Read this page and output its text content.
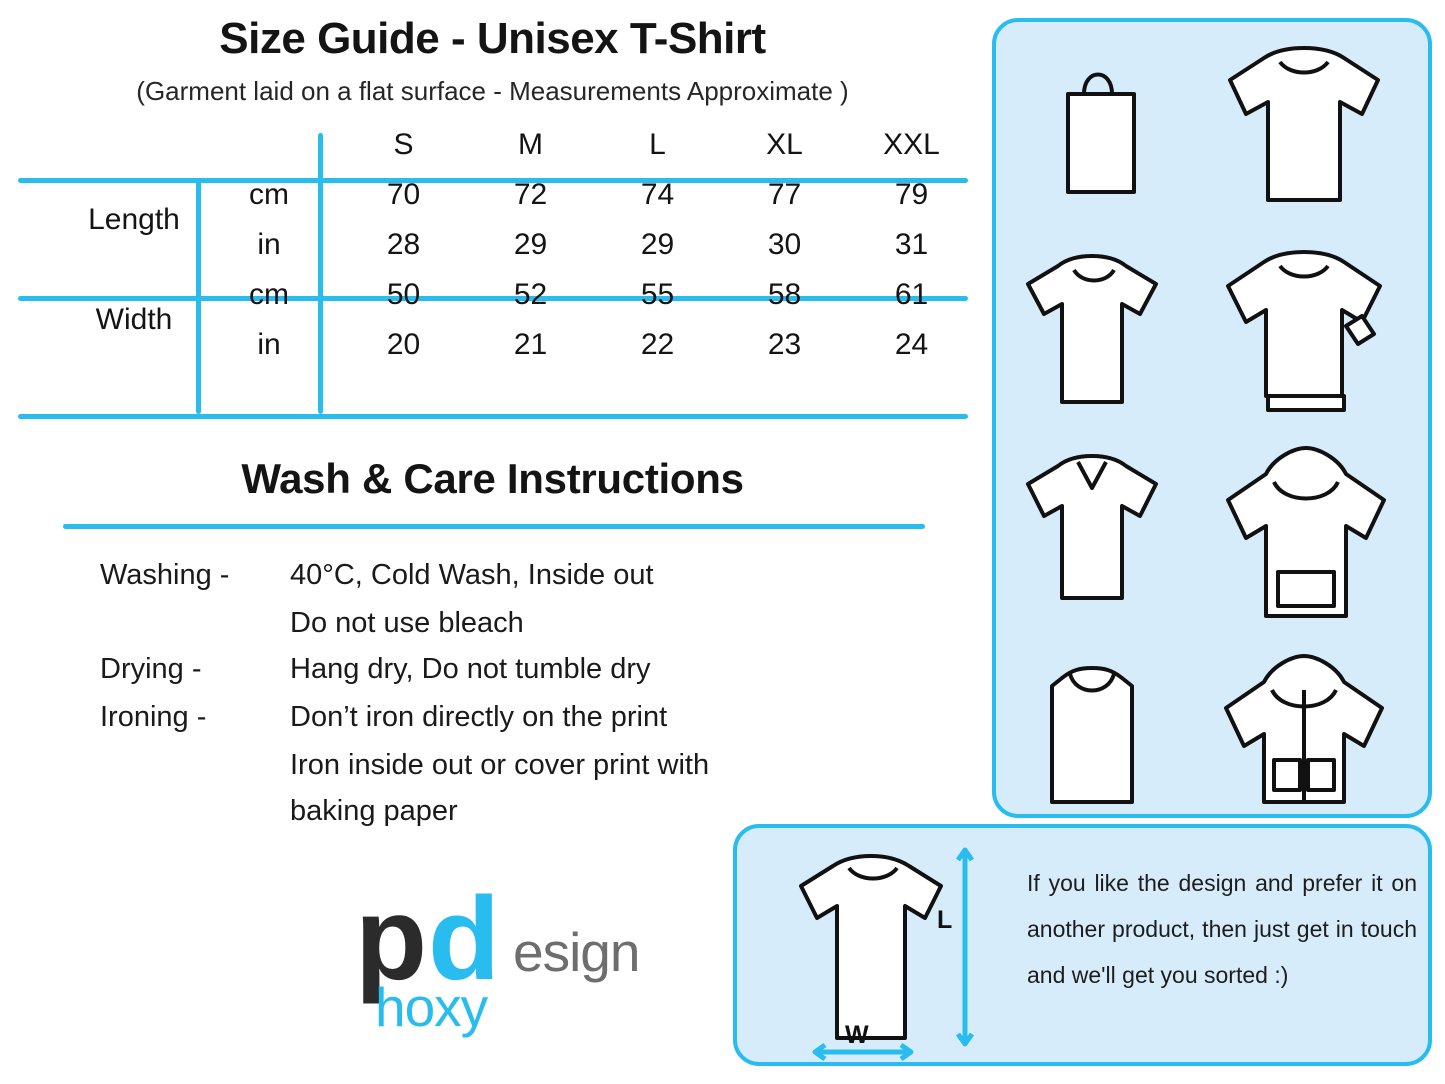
Size Guide - Unisex T-Shirt
(Garment laid on a flat surface - Measurements Approximate )
		S	M	L	XL	XXL
Length	cm	70	72	74	77	79
	in	28	29	29	30	31
Width	cm	50	52	55	58	61
	in	20	21	22	23	24
Wash & Care Instructions
Washing -	40°C, Cold Wash, Inside out
Do not use bleach
Drying -	Hang dry, Do not tumble dry
Ironing -	Don’t iron directly on the print
Iron inside out or cover print with
baking paper
p d esign
hoxy
L
W
If you like the design and prefer it on another product, then just get in touch and we'll get you sorted :)
